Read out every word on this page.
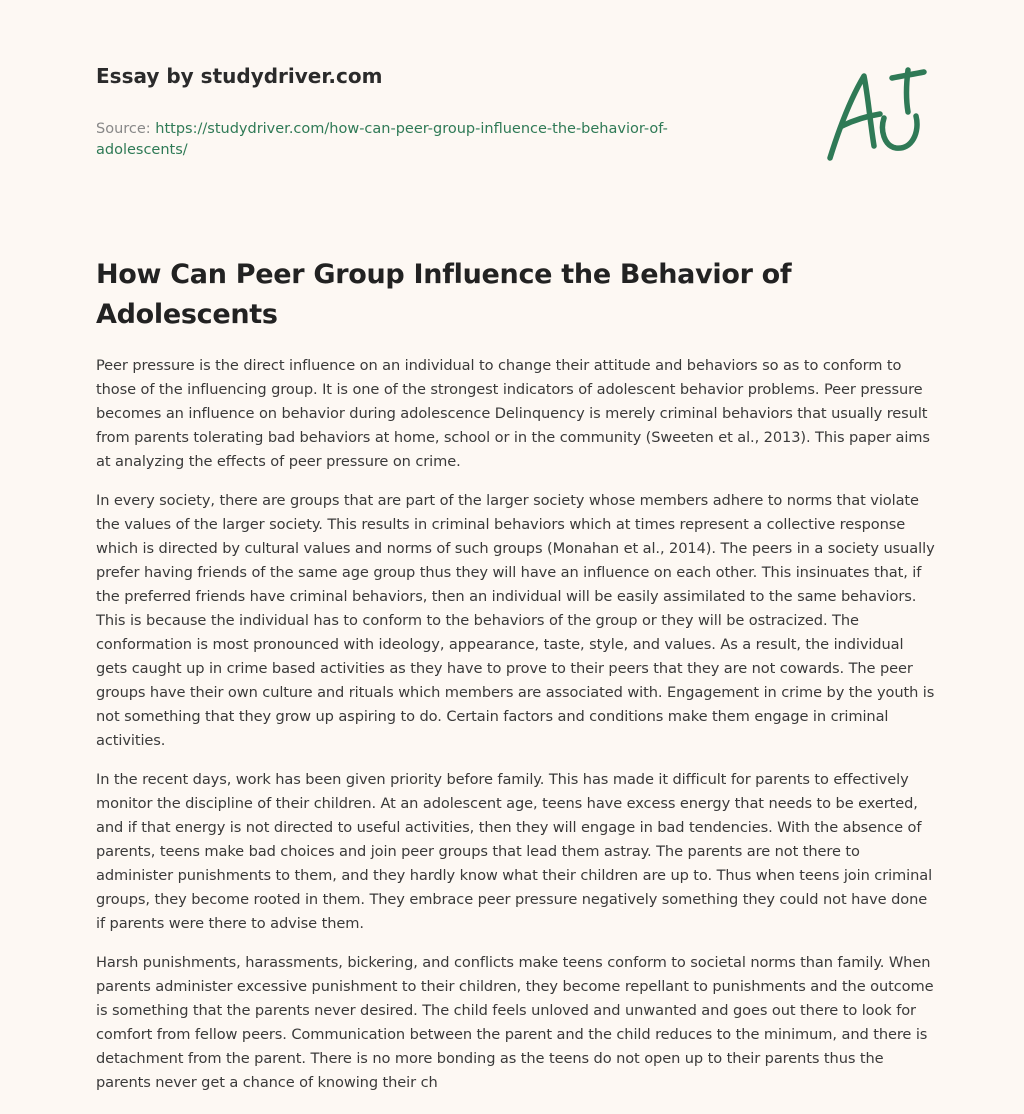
Essay by studydriver.com
Source: https://studydriver.com/how-can-peer-group-influence-the-behavior-of-adolescents/
How Can Peer Group Influence the Behavior of Adolescents

Peer pressure is the direct influence on an individual to change their attitude and behaviors so as to conform to those of the influencing group. It is one of the strongest indicators of adolescent behavior problems. Peer pressure becomes an influence on behavior during adolescence Delinquency is merely criminal behaviors that usually result from parents tolerating bad behaviors at home, school or in the community (Sweeten et al., 2013). This paper aims at analyzing the effects of peer pressure on crime.

In every society, there are groups that are part of the larger society whose members adhere to norms that violate the values of the larger society. This results in criminal behaviors which at times represent a collective response which is directed by cultural values and norms of such groups (Monahan et al., 2014). The peers in a society usually prefer having friends of the same age group thus they will have an influence on each other. This insinuates that, if the preferred friends have criminal behaviors, then an individual will be easily assimilated to the same behaviors. This is because the individual has to conform to the behaviors of the group or they will be ostracized. The conformation is most pronounced with ideology, appearance, taste, style, and values. As a result, the individual gets caught up in crime based activities as they have to prove to their peers that they are not cowards. The peer groups have their own culture and rituals which members are associated with. Engagement in crime by the youth is not something that they grow up aspiring to do. Certain factors and conditions make them engage in criminal activities.

In the recent days, work has been given priority before family. This has made it difficult for parents to effectively monitor the discipline of their children. At an adolescent age, teens have excess energy that needs to be exerted, and if that energy is not directed to useful activities, then they will engage in bad tendencies. With the absence of parents, teens make bad choices and join peer groups that lead them astray. The parents are not there to administer punishments to them, and they hardly know what their children are up to. Thus when teens join criminal groups, they become rooted in them. They embrace peer pressure negatively something they could not have done if parents were there to advise them.

Harsh punishments, harassments, bickering, and conflicts make teens conform to societal norms than family. When parents administer excessive punishment to their children, they become repellant to punishments and the outcome is something that the parents never desired. The child feels unloved and unwanted and goes out there to look for comfort from fellow peers. Communication between the parent and the child reduces to the minimum, and there is detachment from the parent. There is no more bonding as the teens do not open up to their parents thus the parents never get a chance of knowing their ch
